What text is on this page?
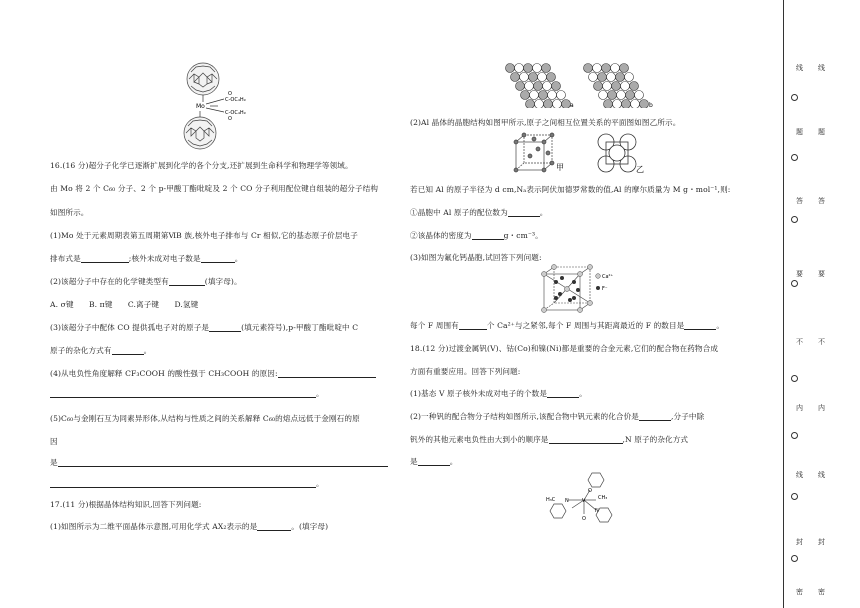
Mo
C-OC₄H₉
C-OC₄H₉
O
O
16.(16 分)超分子化学已逐渐扩展到化学的各个分支,还扩展到生命科学和物理学等领域。
由 Mo 将 2 个 C₆₀ 分子、2 个 p-甲酸丁酯吡啶及 2 个 CO 分子利用配位键自组装的超分子结构
如图所示。
(1)Mo 处于元素周期表第五周期第ⅥB 族,核外电子排布与 Cr 相似,它的基态原子价层电子
排布式是	;核外未成对电子数是	。
(2)该超分子中存在的化学键类型有	(填字母)。
A. σ键　　B. π键　　C.离子键　　D.氢键
(3)该超分子中配体 CO 提供孤电子对的原子是	(填元素符号),p-甲酸丁酯吡啶中 C
原子的杂化方式有	。
(4)从电负性角度解释 CF₃COOH 的酸性强于 CH₃COOH 的原因:
。
(5)C₆₀与金刚石互为同素异形体,从结构与性质之间的关系解释 C₆₀的熔点远低于金刚石的原
因
是
。
17.(11 分)根据晶体结构知识,回答下列问题:
(1)如图所示为二维平面晶体示意图,可用化学式 AX₂表示的是	。(填字母)
a	b
(2)Al 晶体的晶胞结构如图甲所示,原子之间相互位置关系的平面图如图乙所示。
甲	乙
若已知 Al 的原子半径为 d cm,Nₐ表示阿伏加德罗常数的值,Al 的摩尔质量为 M g・mol⁻¹,则:
①晶胞中 Al 原子的配位数为	。
②该晶体的密度为	g・cm⁻³。
(3)如图为氟化钙晶胞,试回答下列问题:
Ca²⁺
F⁻
每个 F 周围有	个 Ca²⁺与之紧邻,每个 F 周围与其距离最近的 F 的数目是	。
18.(12 分)过渡金属钒(V)、钴(Co)和镍(Ni)都是重要的合金元素,它们的配合物在药物合成
方面有重要应用。回答下列问题:
(1)基态 V 原子核外未成对电子的个数是	。
(2)一种钒的配合物分子结构如图所示,该配合物中钒元素的化合价是	,分子中除
钒外的其他元素电负性由大到小的顺序是	,N 原子的杂化方式
是	。
H₃C	CH₃
N
N
V
O
O
线
题
答
要
不
内
线
封
密
线
题
答
要
不
内
线
封
密
